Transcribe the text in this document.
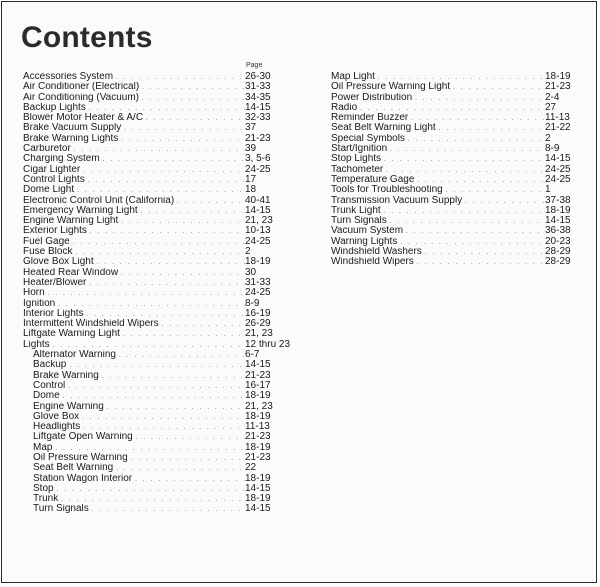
Contents
Page
Accessories System . . .	26-30
Air Conditioner (Electrical) . . .	31-33
Air Conditioning (Vacuum) . . .	34-35
Backup Lights . . .	14-15
Blower Motor Heater & A/C . . .	32-33
Brake Vacuum Supply . . .	37
Brake Warning Lights . . .	21-23
Carburetor . . .	39
Charging System . . .	3, 5-6
Cigar Lighter . . .	24-25
Control Lights . . .	17
Dome Light . . .	18
Electronic Control Unit (California) . . .	40-41
Emergency Warning Light . . .	14-15
Engine Warning Light . . .	21, 23
Exterior Lights . . .	10-13
Fuel Gage . . .	24-25
Fuse Block . . .	2
Glove Box Light . . .	18-19
Heated Rear Window . . .	30
Heater/Blower . . .	31-33
Horn . . .	24-25
Ignition . . .	8-9
Interior Lights . . .	16-19
Intermittent Windshield Wipers . . .	26-29
Liftgate Warning Light . . .	21, 23
Lights . . .	12 thru 23
Alternator Warning . . .	6-7
Backup . . .	14-15
Brake Warning . . .	21-23
Control . . .	16-17
Dome . . .	18-19
Engine Warning . . .	21, 23
Glove Box . . .	18-19
Headlights . . .	11-13
Liftgate Open Warning . . .	21-23
Map . . .	18-19
Oil Pressure Warning . . .	21-23
Seat Belt Warning . . .	22
Station Wagon Interior . . .	18-19
Stop . . .	14-15
Trunk . . .	18-19
Turn Signals . . .	14-15
Map Light . . .	18-19
Oil Pressure Warning Light . . .	21-23
Power Distribution . . .	2-4
Radio . . .	27
Reminder Buzzer . . .	11-13
Seat Belt Warning Light . . .	21-22
Special Symbols . . .	2
Start/Ignition . . .	8-9
Stop Lights . . .	14-15
Tachometer . . .	24-25
Temperature Gage . . .	24-25
Tools for Troubleshooting . . .	1
Transmission Vacuum Supply . . .	37-38
Trunk Light . . .	18-19
Turn Signals . . .	14-15
Vacuum System . . .	36-38
Warning Lights . . .	20-23
Windshield Washers . . .	28-29
Windshield Wipers . . .	28-29
